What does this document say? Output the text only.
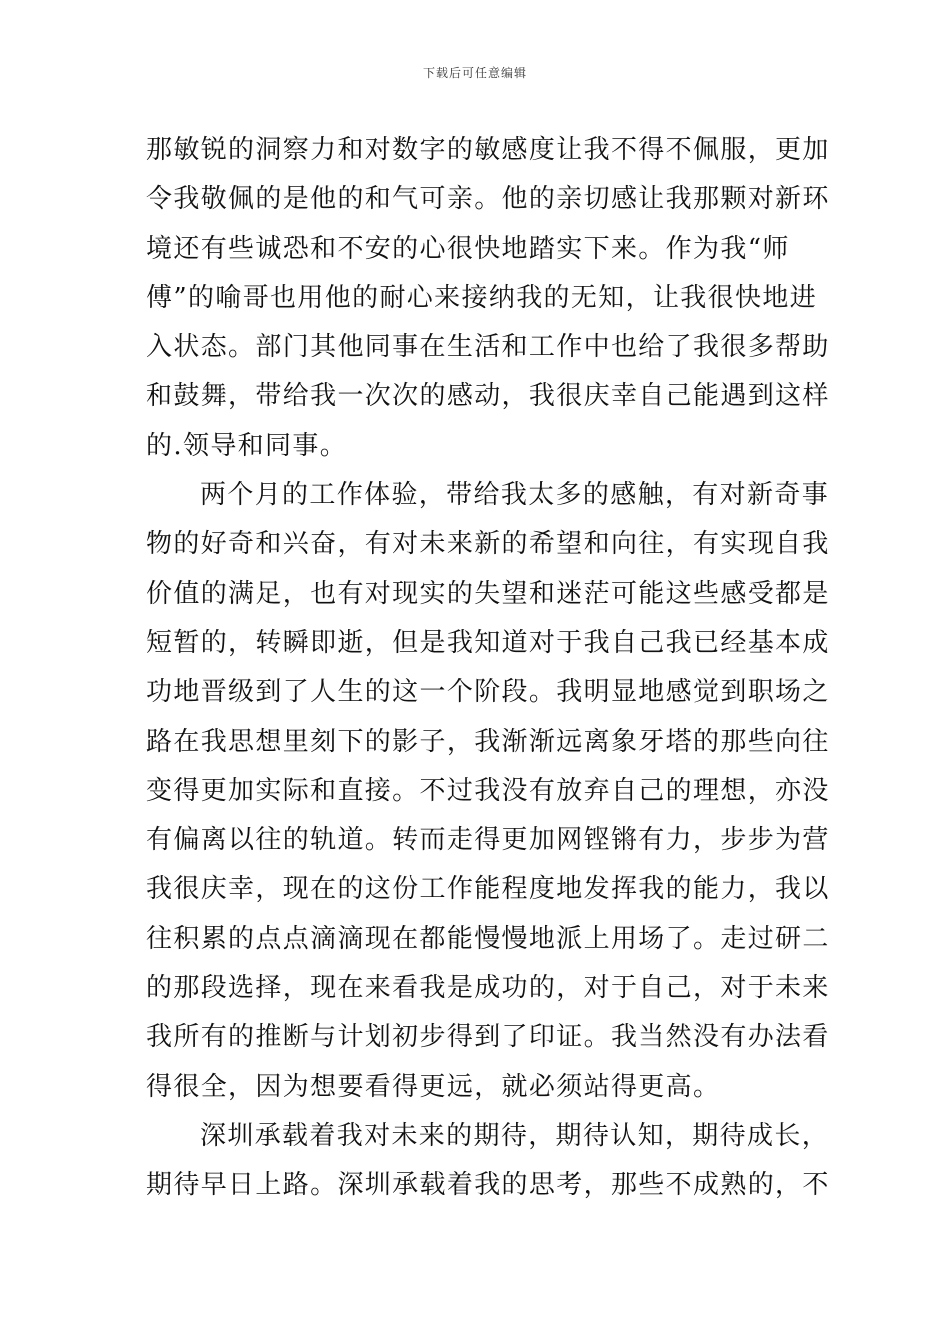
下载后可任意编辑
那敏锐的洞察力和对数字的敏感度让我不得不佩服，更加
令我敬佩的是他的和气可亲。他的亲切感让我那颗对新环
境还有些诚恐和不安的心很快地踏实下来。作为我“师
傅”的喻哥也用他的耐心来接纳我的无知，让我很快地进
入状态。部门其他同事在生活和工作中也给了我很多帮助
和鼓舞，带给我一次次的感动，我很庆幸自己能遇到这样
的.领导和同事。
两个月的工作体验，带给我太多的感触，有对新奇事
物的好奇和兴奋，有对未来新的希望和向往，有实现自我
价值的满足，也有对现实的失望和迷茫可能这些感受都是
短暂的，转瞬即逝，但是我知道对于我自己我已经基本成
功地晋级到了人生的这一个阶段。我明显地感觉到职场之
路在我思想里刻下的影子，我渐渐远离象牙塔的那些向往
变得更加实际和直接。不过我没有放弃自己的理想，亦没
有偏离以往的轨道。转而走得更加网铿锵有力，步步为营
我很庆幸，现在的这份工作能程度地发挥我的能力，我以
往积累的点点滴滴现在都能慢慢地派上用场了。走过研二
的那段选择，现在来看我是成功的，对于自己，对于未来
我所有的推断与计划初步得到了印证。我当然没有办法看
得很全，因为想要看得更远，就必须站得更高。
深圳承载着我对未来的期待，期待认知，期待成长，
期待早日上路。深圳承载着我的思考，那些不成熟的，不
